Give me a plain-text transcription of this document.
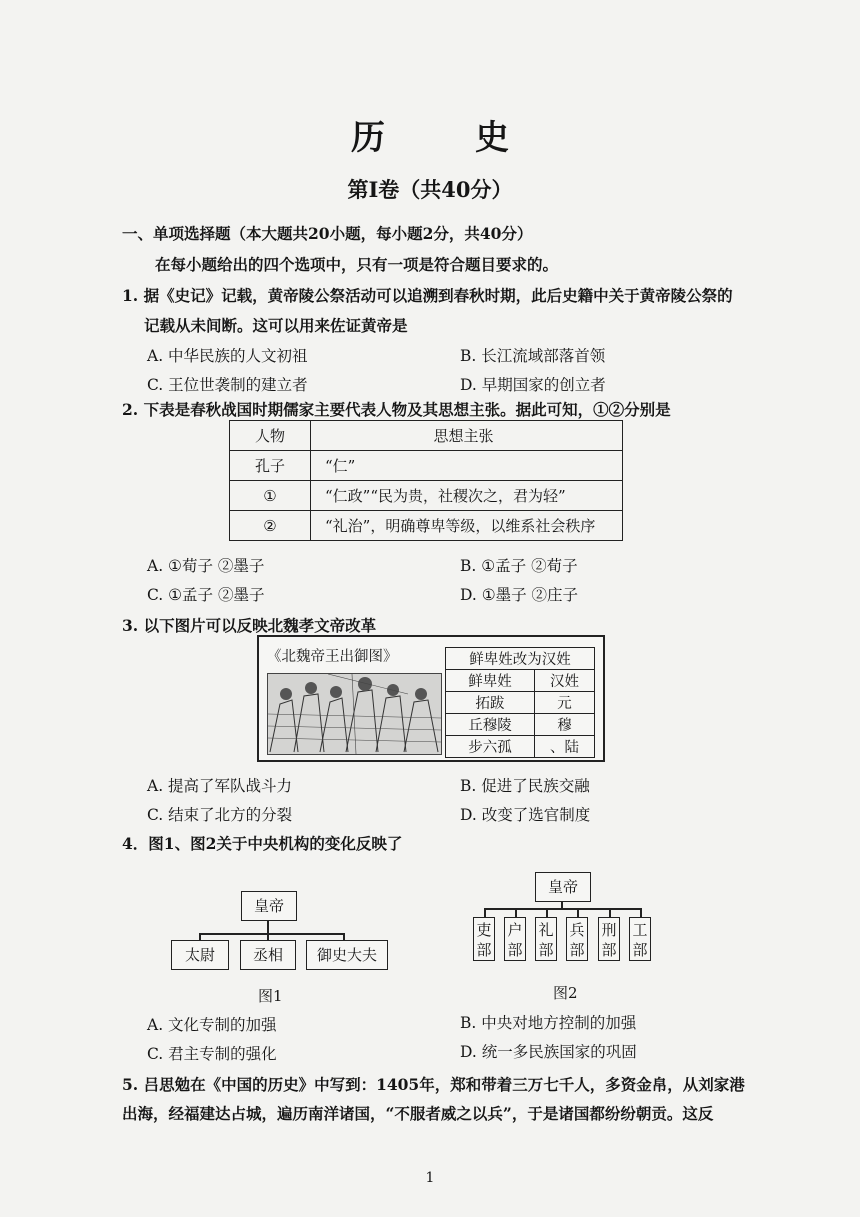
历　史
第Ⅰ卷（共40分）
一、单项选择题（本大题共20小题，每小题2分，共40分）
在每小题给出的四个选项中，只有一项是符合题目要求的。
1. 据《史记》记载，黄帝陵公祭活动可以追溯到春秋时期，此后史籍中关于黄帝陵公祭的
记载从未间断。这可以用来佐证黄帝是
A. 中华民族的人文初祖	B. 长江流域部落首领
C. 王位世袭制的建立者	D. 早期国家的创立者
2. 下表是春秋战国时期儒家主要代表人物及其思想主张。据此可知，①②分别是
人物	思想主张
孔子	“仁”
①	“仁政”“民为贵，社稷次之，君为轻”
②	“礼治”，明确尊卑等级，以维系社会秩序
A. ①荀子 ②墨子	B. ①孟子 ②荀子
C. ①孟子 ②墨子	D. ①墨子 ②庄子
3. 以下图片可以反映北魏孝文帝改革
《北魏帝王出御图》	鲜卑姓改为汉姓	
鲜卑姓	汉姓
拓跋	元
丘穆陵	穆
步六孤	、陆
A. 提高了军队战斗力	B. 促进了民族交融
C. 结束了北方的分裂	D. 改变了选官制度
4．图1、图2关于中央机构的变化反映了
皇帝
太尉	丞相	御史大夫
图1
皇帝
吏
部
户
部
礼
部
兵
部
刑
部
工
部
图2
A. 文化专制的加强	B. 中央对地方控制的加强
C. 君主专制的强化	D. 统一多民族国家的巩固
5. 吕思勉在《中国的历史》中写到：1405年，郑和带着三万七千人，多资金帛，从刘家港
出海，经福建达占城，遍历南洋诸国，“不服者威之以兵”，于是诸国都纷纷朝贡。这反
1
